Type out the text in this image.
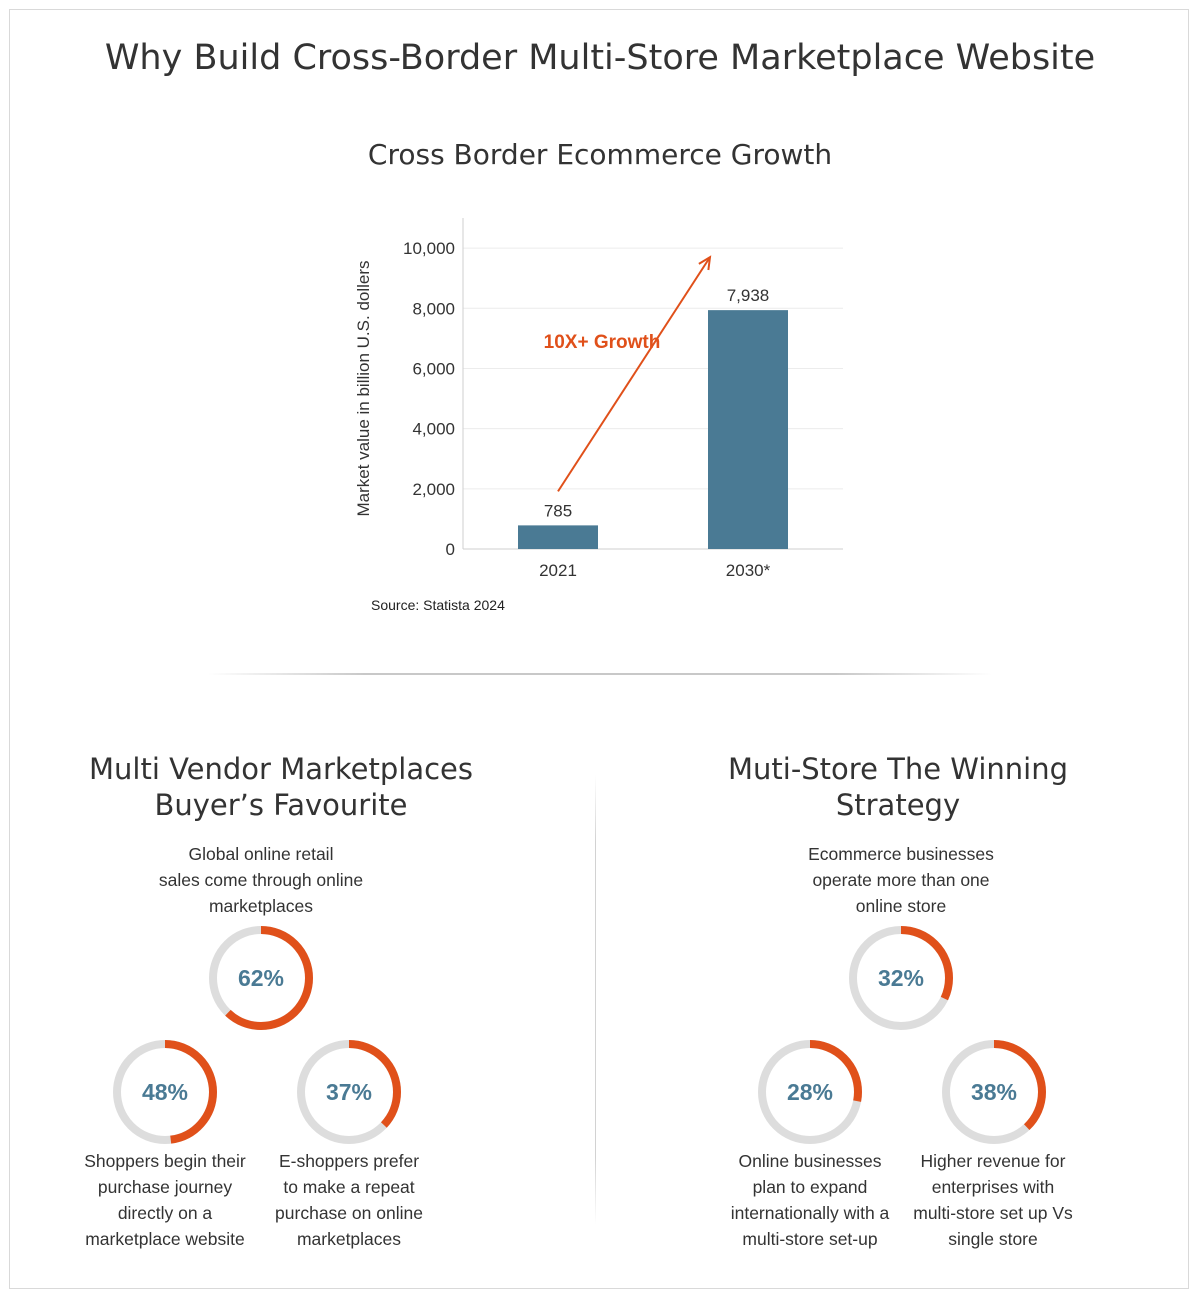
Why Build Cross-Border Multi-Store Marketplace Website
Cross Border Ecommerce Growth
0
2,000
4,000
6,000
8,000
10,000
Market value in billion U.S. dollers	785
2021
7,938
2030*
10X+ Growth
Source: Statista 2024
Multi Vendor Marketplaces
Buyer’s Favourite
Global online retail
sales come through online
marketplaces
62%
48%
Shoppers begin their
purchase journey
directly on a
marketplace website
37%
E-shoppers prefer
to make a repeat
purchase on online
marketplaces
Muti-Store The Winning
Strategy
Ecommerce businesses
operate more than one
online store
32%
28%
Online businesses
plan to expand
internationally with a
multi-store set-up
38%
Higher revenue for
enterprises with
multi-store set up Vs
single store
